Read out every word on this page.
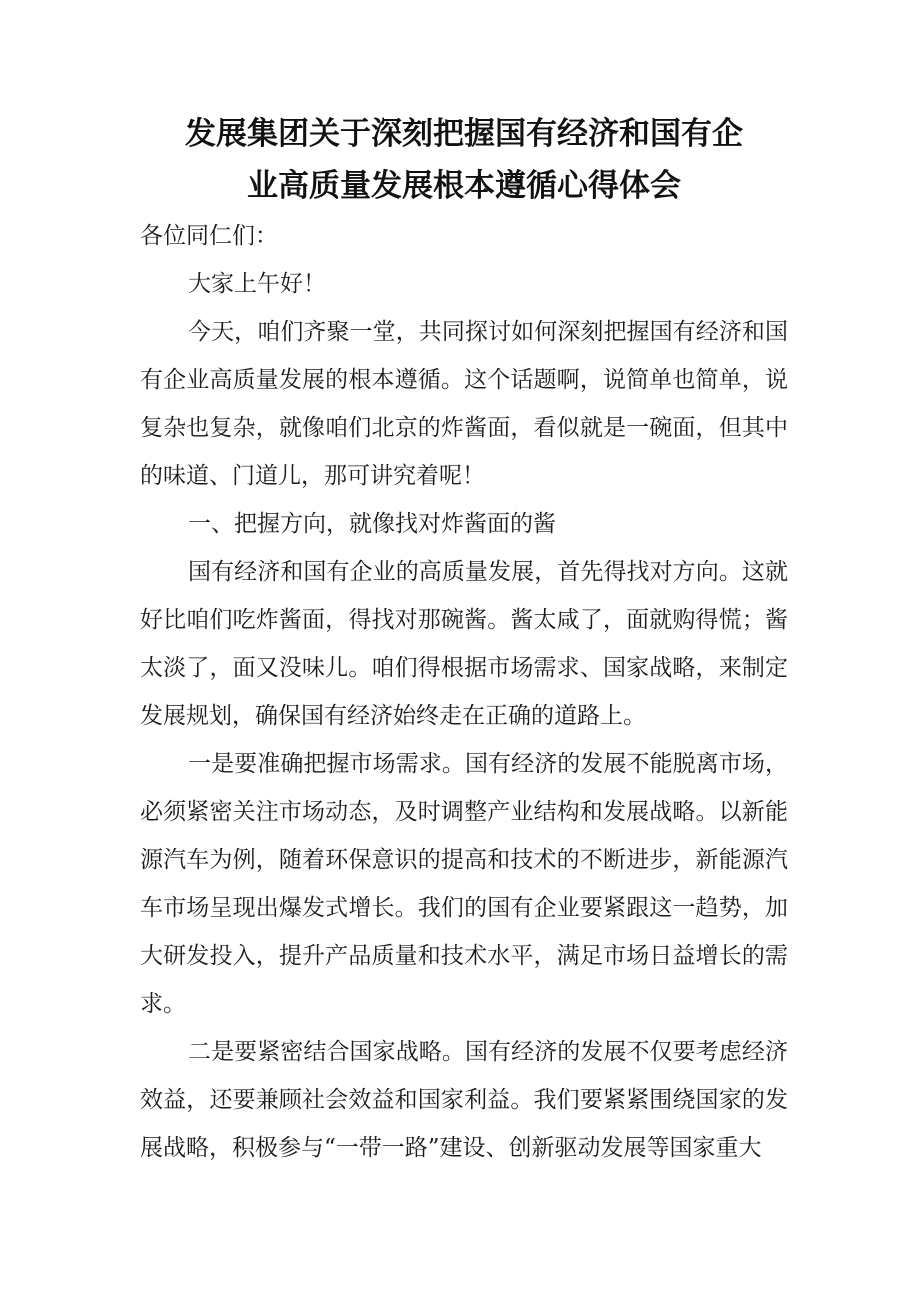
发展集团关于深刻把握国有经济和国有企
业高质量发展根本遵循心得体会

各位同仁们：

大家上午好！

今天，咱们齐聚一堂，共同探讨如何深刻把握国有经济和国有企业高质量发展的根本遵循。这个话题啊，说简单也简单，说复杂也复杂，就像咱们北京的炸酱面，看似就是一碗面，但其中的味道、门道儿，那可讲究着呢！

一、把握方向，就像找对炸酱面的酱

国有经济和国有企业的高质量发展，首先得找对方向。这就好比咱们吃炸酱面，得找对那碗酱。酱太咸了，面就购得慌；酱太淡了，面又没味儿。咱们得根据市场需求、国家战略，来制定发展规划，确保国有经济始终走在正确的道路上。

一是要准确把握市场需求。国有经济的发展不能脱离市场，必须紧密关注市场动态，及时调整产业结构和发展战略。以新能源汽车为例，随着环保意识的提高和技术的不断进步，新能源汽车市场呈现出爆发式增长。我们的国有企业要紧跟这一趋势，加大研发投入，提升产品质量和技术水平，满足市场日益增长的需求。

二是要紧密结合国家战略。国有经济的发展不仅要考虑经济效益，还要兼顾社会效益和国家利益。我们要紧紧围绕国家的发展战略，积极参与“一带一路”建设、创新驱动发展等国家重大
